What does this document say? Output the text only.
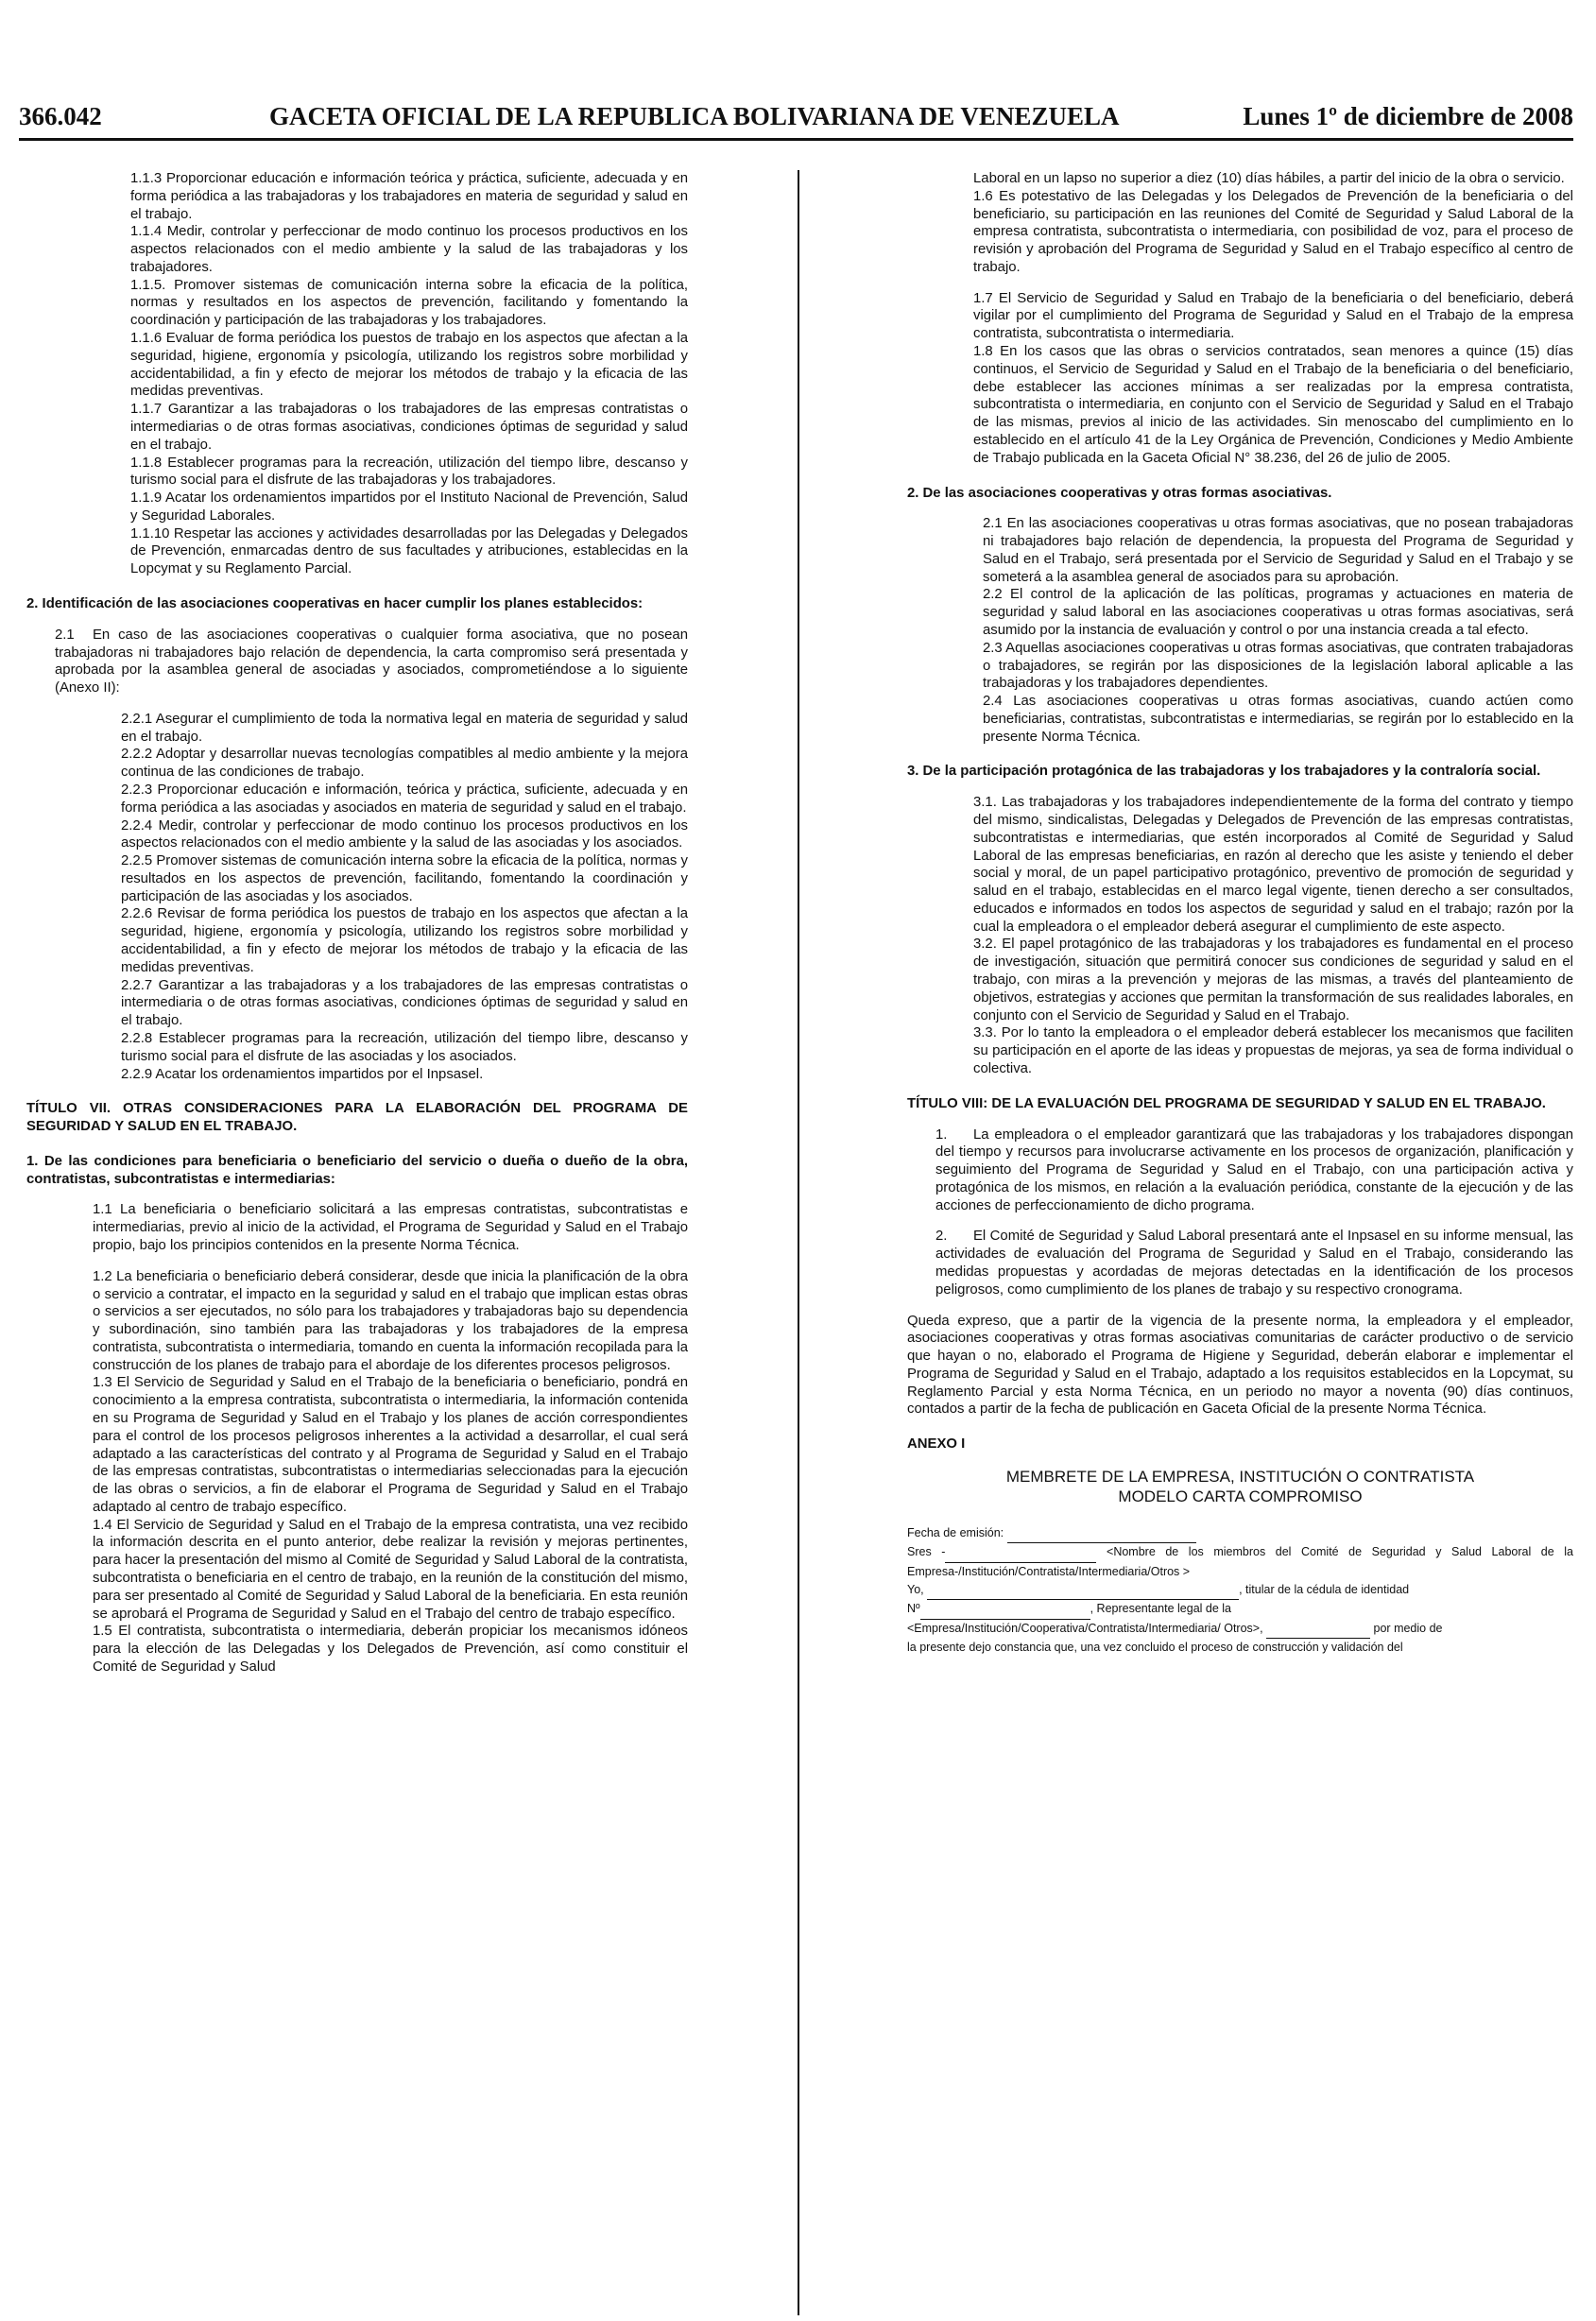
366.042	GACETA OFICIAL DE LA REPUBLICA BOLIVARIANA DE VENEZUELA	Lunes 1º de diciembre de 2008

1.1.3 Proporcionar educación e información teórica y práctica, suficiente, adecuada y en forma periódica a las trabajadoras y los trabajadores en materia de seguridad y salud en el trabajo.

1.1.4 Medir, controlar y perfeccionar de modo continuo los procesos productivos en los aspectos relacionados con el medio ambiente y la salud de las trabajadoras y los trabajadores.

1.1.5. Promover sistemas de comunicación interna sobre la eficacia de la política, normas y resultados en los aspectos de prevención, facilitando y fomentando la coordinación y participación de las trabajadoras y los trabajadores.

1.1.6 Evaluar de forma periódica los puestos de trabajo en los aspectos que afectan a la seguridad, higiene, ergonomía y psicología, utilizando los registros sobre morbilidad y accidentabilidad, a fin y efecto de mejorar los métodos de trabajo y la eficacia de las medidas preventivas.

1.1.7 Garantizar a las trabajadoras o los trabajadores de las empresas contratistas o intermediarias o de otras formas asociativas, condiciones óptimas de seguridad y salud en el trabajo.

1.1.8 Establecer programas para la recreación, utilización del tiempo libre, descanso y turismo social para el disfrute de las trabajadoras y los trabajadores.

1.1.9 Acatar los ordenamientos impartidos por el Instituto Nacional de Prevención, Salud y Seguridad Laborales.

1.1.10 Respetar las acciones y actividades desarrolladas por las Delegadas y Delegados de Prevención, enmarcadas dentro de sus facultades y atribuciones, establecidas en la Lopcymat y su Reglamento Parcial.

2. Identificación de las asociaciones cooperativas en hacer cumplir los planes establecidos:

2.1 En caso de las asociaciones cooperativas o cualquier forma asociativa, que no posean trabajadoras ni trabajadores bajo relación de dependencia, la carta compromiso será presentada y aprobada por la asamblea general de asociadas y asociados, comprometiéndose a lo siguiente (Anexo II):

2.2.1 Asegurar el cumplimiento de toda la normativa legal en materia de seguridad y salud en el trabajo.

2.2.2 Adoptar y desarrollar nuevas tecnologías compatibles al medio ambiente y la mejora continua de las condiciones de trabajo.

2.2.3 Proporcionar educación e información, teórica y práctica, suficiente, adecuada y en forma periódica a las asociadas y asociados en materia de seguridad y salud en el trabajo.

2.2.4 Medir, controlar y perfeccionar de modo continuo los procesos productivos en los aspectos relacionados con el medio ambiente y la salud de las asociadas y los asociados.

2.2.5 Promover sistemas de comunicación interna sobre la eficacia de la política, normas y resultados en los aspectos de prevención, facilitando, fomentando la coordinación y participación de las asociadas y los asociados.

2.2.6 Revisar de forma periódica los puestos de trabajo en los aspectos que afectan a la seguridad, higiene, ergonomía y psicología, utilizando los registros sobre morbilidad y accidentabilidad, a fin y efecto de mejorar los métodos de trabajo y la eficacia de las medidas preventivas.

2.2.7 Garantizar a las trabajadoras y a los trabajadores de las empresas contratistas o intermediaria o de otras formas asociativas, condiciones óptimas de seguridad y salud en el trabajo.

2.2.8 Establecer programas para la recreación, utilización del tiempo libre, descanso y turismo social para el disfrute de las asociadas y los asociados.

2.2.9 Acatar los ordenamientos impartidos por el Inpsasel.

TÍTULO VII. OTRAS CONSIDERACIONES PARA LA ELABORACIÓN DEL PROGRAMA DE SEGURIDAD Y SALUD EN EL TRABAJO.

1. De las condiciones para beneficiaria o beneficiario del servicio o dueña o dueño de la obra, contratistas, subcontratistas e intermediarias:

1.1 La beneficiaria o beneficiario solicitará a las empresas contratistas, subcontratistas e intermediarias, previo al inicio de la actividad, el Programa de Seguridad y Salud en el Trabajo propio, bajo los principios contenidos en la presente Norma Técnica.

1.2 La beneficiaria o beneficiario deberá considerar, desde que inicia la planificación de la obra o servicio a contratar, el impacto en la seguridad y salud en el trabajo que implican estas obras o servicios a ser ejecutados, no sólo para los trabajadores y trabajadoras bajo su dependencia y subordinación, sino también para las trabajadoras y los trabajadores de la empresa contratista, subcontratista o intermediaria, tomando en cuenta la información recopilada para la construcción de los planes de trabajo para el abordaje de los diferentes procesos peligrosos.

1.3 El Servicio de Seguridad y Salud en el Trabajo de la beneficiaria o beneficiario, pondrá en conocimiento a la empresa contratista, subcontratista o intermediaria, la información contenida en su Programa de Seguridad y Salud en el Trabajo y los planes de acción correspondientes para el control de los procesos peligrosos inherentes a la actividad a desarrollar, el cual será adaptado a las características del contrato y al Programa de Seguridad y Salud en el Trabajo de las empresas contratistas, subcontratistas o intermediarias seleccionadas para la ejecución de las obras o servicios, a fin de elaborar el Programa de Seguridad y Salud en el Trabajo adaptado al centro de trabajo específico.

1.4 El Servicio de Seguridad y Salud en el Trabajo de la empresa contratista, una vez recibido la información descrita en el punto anterior, debe realizar la revisión y mejoras pertinentes, para hacer la presentación del mismo al Comité de Seguridad y Salud Laboral de la contratista, subcontratista o beneficiaria en el centro de trabajo, en la reunión de la constitución del mismo, para ser presentado al Comité de Seguridad y Salud Laboral de la beneficiaria. En esta reunión se aprobará el Programa de Seguridad y Salud en el Trabajo del centro de trabajo específico.

1.5 El contratista, subcontratista o intermediaria, deberán propiciar los mecanismos idóneos para la elección de las Delegadas y los Delegados de Prevención, así como constituir el Comité de Seguridad y Salud

Laboral en un lapso no superior a diez (10) días hábiles, a partir del inicio de la obra o servicio.

1.6 Es potestativo de las Delegadas y los Delegados de Prevención de la beneficiaria o del beneficiario, su participación en las reuniones del Comité de Seguridad y Salud Laboral de la empresa contratista, subcontratista o intermediaria, con posibilidad de voz, para el proceso de revisión y aprobación del Programa de Seguridad y Salud en el Trabajo específico al centro de trabajo.

1.7 El Servicio de Seguridad y Salud en Trabajo de la beneficiaria o del beneficiario, deberá vigilar por el cumplimiento del Programa de Seguridad y Salud en el Trabajo de la empresa contratista, subcontratista o intermediaria.

1.8 En los casos que las obras o servicios contratados, sean menores a quince (15) días continuos, el Servicio de Seguridad y Salud en el Trabajo de la beneficiaria o del beneficiario, debe establecer las acciones mínimas a ser realizadas por la empresa contratista, subcontratista o intermediaria, en conjunto con el Servicio de Seguridad y Salud en el Trabajo de las mismas, previos al inicio de las actividades. Sin menoscabo del cumplimiento en lo establecido en el artículo 41 de la Ley Orgánica de Prevención, Condiciones y Medio Ambiente de Trabajo publicada en la Gaceta Oficial N° 38.236, del 26 de julio de 2005.

2. De las asociaciones cooperativas y otras formas asociativas.

2.1 En las asociaciones cooperativas u otras formas asociativas, que no posean trabajadoras ni trabajadores bajo relación de dependencia, la propuesta del Programa de Seguridad y Salud en el Trabajo, será presentada por el Servicio de Seguridad y Salud en el Trabajo y se someterá a la asamblea general de asociados para su aprobación.

2.2 El control de la aplicación de las políticas, programas y actuaciones en materia de seguridad y salud laboral en las asociaciones cooperativas u otras formas asociativas, será asumido por la instancia de evaluación y control o por una instancia creada a tal efecto.

2.3 Aquellas asociaciones cooperativas u otras formas asociativas, que contraten trabajadoras o trabajadores, se regirán por las disposiciones de la legislación laboral aplicable a las trabajadoras y los trabajadores dependientes.

2.4 Las asociaciones cooperativas u otras formas asociativas, cuando actúen como beneficiarias, contratistas, subcontratistas e intermediarias, se regirán por lo establecido en la presente Norma Técnica.

3. De la participación protagónica de las trabajadoras y los trabajadores y la contraloría social.

3.1. Las trabajadoras y los trabajadores independientemente de la forma del contrato y tiempo del mismo, sindicalistas, Delegadas y Delegados de Prevención de las empresas contratistas, subcontratistas e intermediarias, que estén incorporados al Comité de Seguridad y Salud Laboral de las empresas beneficiarias, en razón al derecho que les asiste y teniendo el deber social y moral, de un papel participativo protagónico, preventivo de promoción de seguridad y salud en el trabajo, establecidas en el marco legal vigente, tienen derecho a ser consultados, educados e informados en todos los aspectos de seguridad y salud en el trabajo; razón por la cual la empleadora o el empleador deberá asegurar el cumplimiento de este aspecto.

3.2. El papel protagónico de las trabajadoras y los trabajadores es fundamental en el proceso de investigación, situación que permitirá conocer sus condiciones de seguridad y salud en el trabajo, con miras a la prevención y mejoras de las mismas, a través del planteamiento de objetivos, estrategias y acciones que permitan la transformación de sus realidades laborales, en conjunto con el Servicio de Seguridad y Salud en el Trabajo.

3.3. Por lo tanto la empleadora o el empleador deberá establecer los mecanismos que faciliten su participación en el aporte de las ideas y propuestas de mejoras, ya sea de forma individual o colectiva.

TÍTULO VIII: DE LA EVALUACIÓN DEL PROGRAMA DE SEGURIDAD Y SALUD EN EL TRABAJO.

1. La empleadora o el empleador garantizará que las trabajadoras y los trabajadores dispongan del tiempo y recursos para involucrarse activamente en los procesos de organización, planificación y seguimiento del Programa de Seguridad y Salud en el Trabajo, con una participación activa y protagónica de los mismos, en relación a la evaluación periódica, constante de la ejecución y de las acciones de perfeccionamiento de dicho programa.

2. El Comité de Seguridad y Salud Laboral presentará ante el Inpsasel en su informe mensual, las actividades de evaluación del Programa de Seguridad y Salud en el Trabajo, considerando las medidas propuestas y acordadas de mejoras detectadas en la identificación de los procesos peligrosos, como cumplimiento de los planes de trabajo y su respectivo cronograma.

Queda expreso, que a partir de la vigencia de la presente norma, la empleadora y el empleador, asociaciones cooperativas y otras formas asociativas comunitarias de carácter productivo o de servicio que hayan o no, elaborado el Programa de Higiene y Seguridad, deberán elaborar e implementar el Programa de Seguridad y Salud en el Trabajo, adaptado a los requisitos establecidos en la Lopcymat, su Reglamento Parcial y esta Norma Técnica, en un periodo no mayor a noventa (90) días continuos, contados a partir de la fecha de publicación en Gaceta Oficial de la presente Norma Técnica.

ANEXO I

MEMBRETE DE LA EMPRESA, INSTITUCIÓN O CONTRATISTA

MODELO CARTA COMPROMISO

Fecha de emisión:

Sres -	<Nombre de los miembros del Comité de Seguridad y Salud Laboral de la Empresa-/Institución/Contratista/Intermediaria/Otros >

Yo,	, titular de la cédula de identidad

Nº	, Representante legal de la

<Empresa/Institución/Cooperativa/Contratista/Intermediaria/ Otros>,	por medio de

la presente dejo constancia que, una vez concluido el proceso de construcción y validación del
